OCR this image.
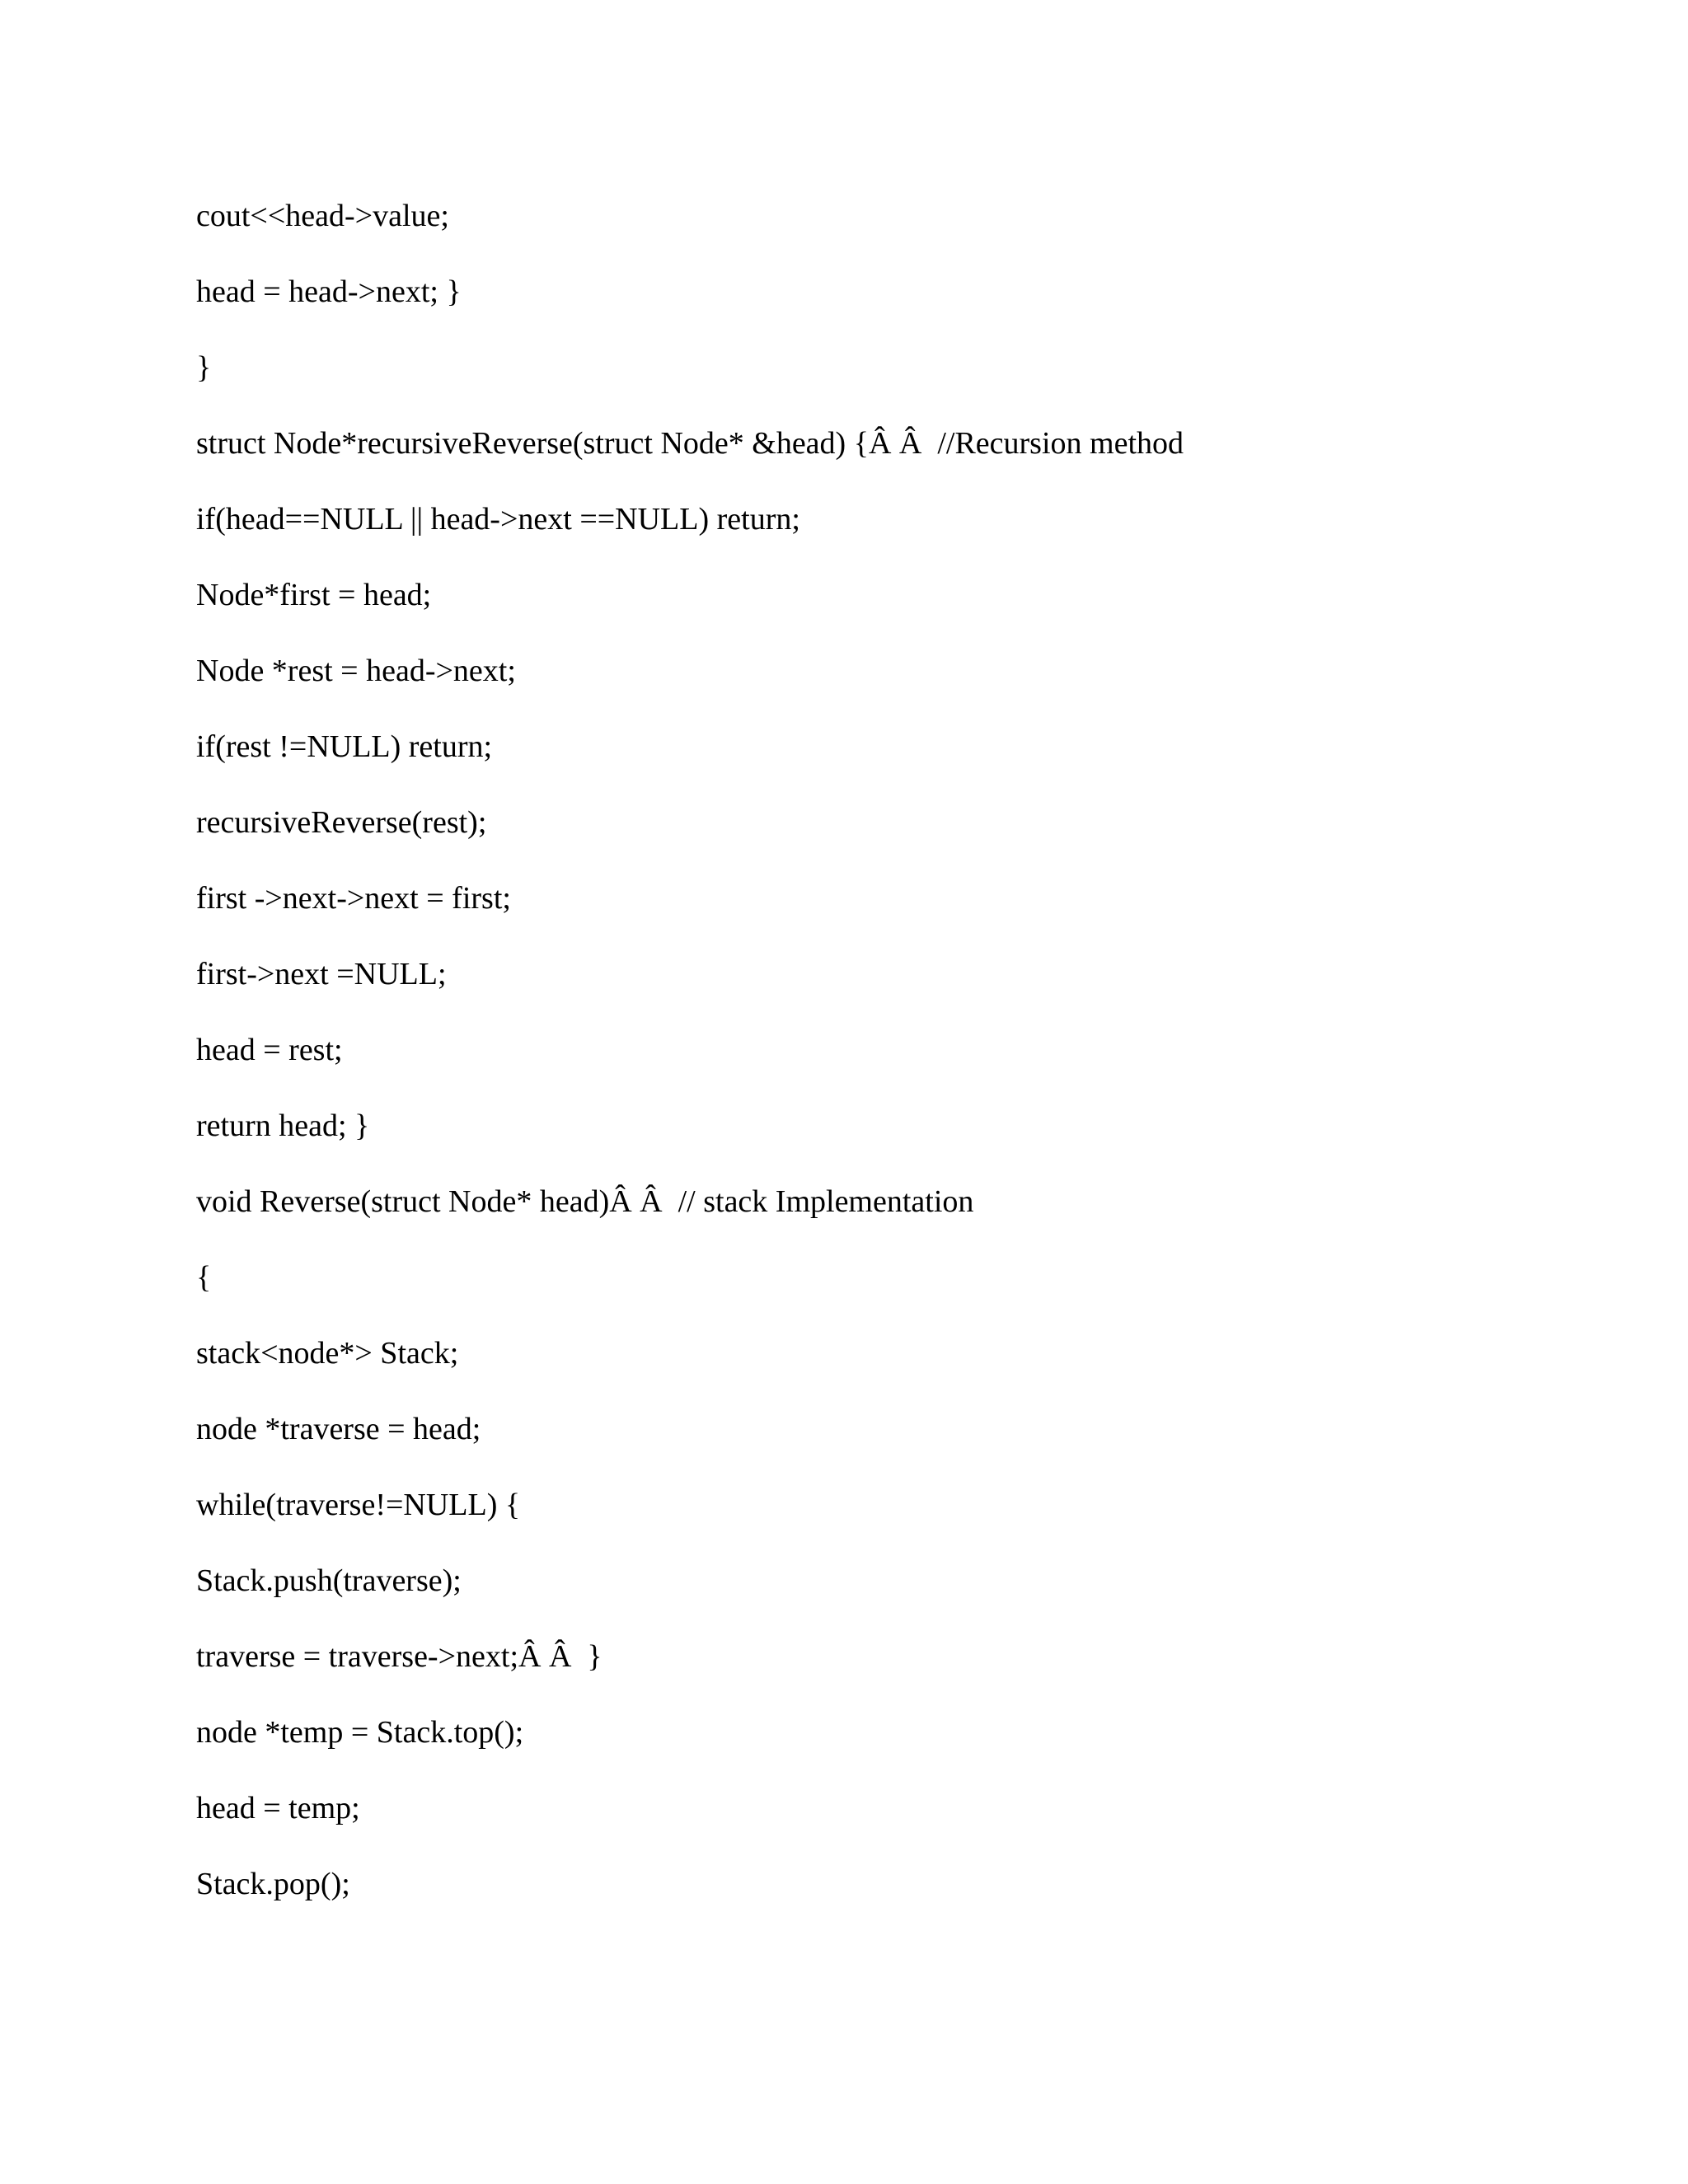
cout<<head->value;
head = head->next; }
}
struct Node*recursiveReverse(struct Node* &head) {Â Â  //Recursion method
if(head==NULL || head->next ==NULL) return;
Node*first = head;
Node *rest = head->next;
if(rest !=NULL) return;
recursiveReverse(rest);
first ->next->next = first;
first->next =NULL;
head = rest;
return head; }
void Reverse(struct Node* head)Â Â  // stack Implementation
{
stack<node*> Stack;
node *traverse = head;
while(traverse!=NULL) {
Stack.push(traverse);
traverse = traverse->next;Â Â  }
node *temp = Stack.top();
head = temp;
Stack.pop();
